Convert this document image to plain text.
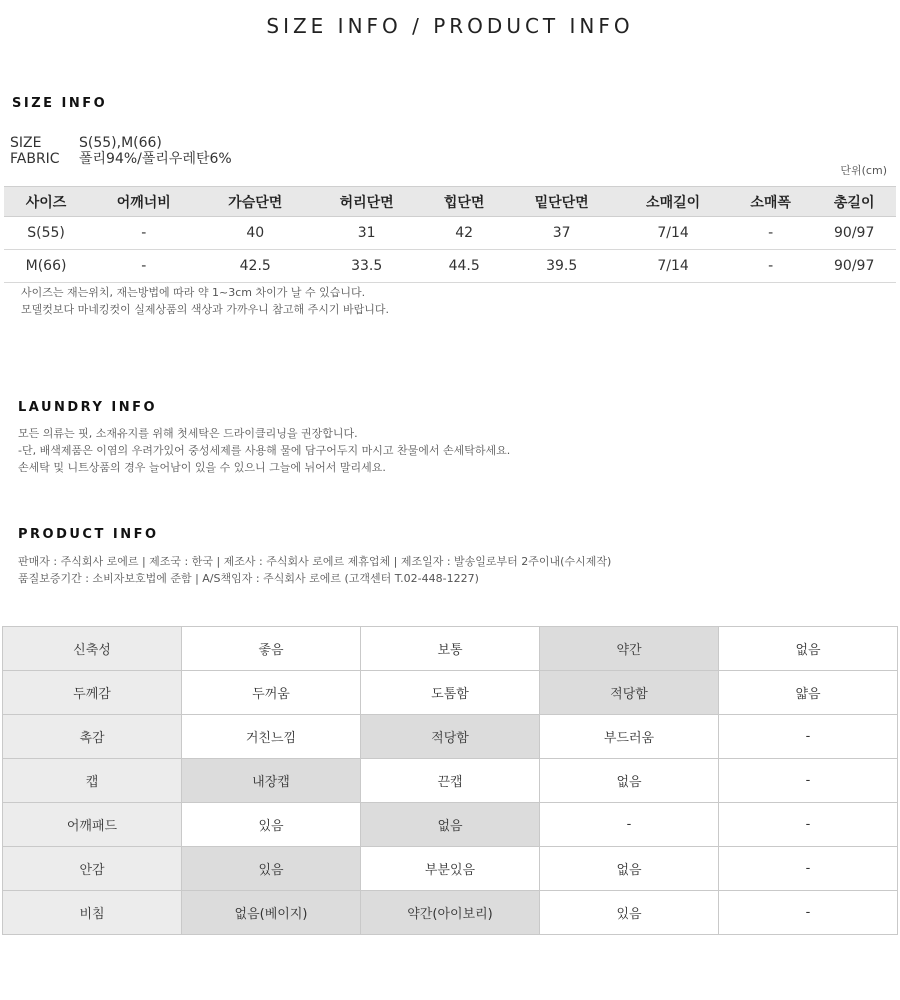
SIZE INFO / PRODUCT INFO
SIZE INFO
SIZE	S(55),M(66)
FABRIC 폴리94%/폴리우레탄6%
단위(cm)
사이즈	어깨너비	가슴단면	허리단면	힙단면	밑단단면	소매길이	소매폭	총길이
S(55)	-	40	31	42	37	7/14	-	90/97
M(66)	-	42.5	33.5	44.5	39.5	7/14	-	90/97
사이즈는 재는위치, 재는방법에 따라 약 1~3cm 차이가 날 수 있습니다.
모델컷보다 마네킹컷이 실제상품의 색상과 가까우니 참고해 주시기 바랍니다.
LAUNDRY INFO
모든 의류는 핏, 소재유지를 위해 첫세탁은 드라이클리닝을 권장합니다.
-단, 배색제품은 이염의 우려가있어 중성세제를 사용해 물에 담구어두지 마시고 찬물에서 손세탁하세요.
손세탁 및 니트상품의 경우 늘어남이 있을 수 있으니 그늘에 뉘어서 말리세요.
PRODUCT INFO
판매자 : 주식회사 로에르 | 제조국 : 한국 | 제조사 : 주식회사 로에르 제휴업체 | 제조일자 : 발송일로부터 2주이내(수시제작)
품질보증기간 : 소비자보호법에 준함 | A/S책임자 : 주식회사 로에르 (고객센터 T.02-448-1227)
신축성	좋음	보통	약간	없음
두께감	두꺼움	도톰함	적당함	얇음
촉감	거친느낌	적당함	부드러움	-
캡	내장캡	끈캡	없음	-
어깨패드	있음	없음	-	-
안감	있음	부분있음	없음	-
비침	없음(베이지)	약간(아이보리)	있음	-
